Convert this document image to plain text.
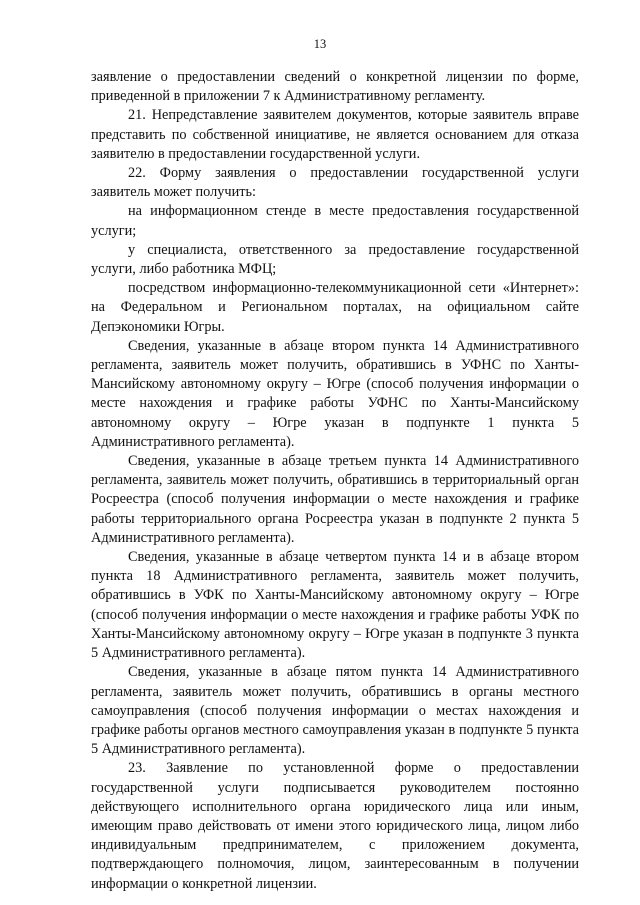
13

заявление о предоставлении сведений о конкретной лицензии по форме, приведенной в приложении 7 к Административному регламенту.

21. Непредставление заявителем документов, которые заявитель вправе представить по собственной инициативе, не является основанием для отказа заявителю в предоставлении государственной услуги.

22. Форму заявления о предоставлении государственной услуги заявитель может получить:

на информационном стенде в месте предоставления государственной услуги;

у специалиста, ответственного за предоставление государственной услуги, либо работника МФЦ;

посредством информационно-телекоммуникационной сети «Интернет»: на Федеральном и Региональном порталах, на официальном сайте Депэкономики Югры.

Сведения, указанные в абзаце втором пункта 14 Административного регламента, заявитель может получить, обратившись в УФНС по Ханты-Мансийскому автономному округу – Югре (способ получения информации о месте нахождения и графике работы УФНС по Ханты-Мансийскому автономному округу – Югре указан в подпункте 1 пункта 5 Административного регламента).

Сведения, указанные в абзаце третьем пункта 14 Административного регламента, заявитель может получить, обратившись в территориальный орган Росреестра (способ получения информации о месте нахождения и графике работы территориального органа Росреестра указан в подпункте 2 пункта 5 Административного регламента).

Сведения, указанные в абзаце четвертом пункта 14 и в абзаце втором пункта 18 Административного регламента, заявитель может получить, обратившись в УФК по Ханты-Мансийскому автономному округу – Югре (способ получения информации о месте нахождения и графике работы УФК по Ханты-Мансийскому автономному округу – Югре указан в подпункте 3 пункта 5 Административного регламента).

Сведения, указанные в абзаце пятом пункта 14 Административного регламента, заявитель может получить, обратившись в органы местного самоуправления (способ получения информации о местах нахождения и графике работы органов местного самоуправления указан в подпункте 5 пункта 5 Административного регламента).

23. Заявление по установленной форме о предоставлении государственной услуги подписывается руководителем постоянно действующего исполнительного органа юридического лица или иным, имеющим право действовать от имени этого юридического лица, лицом либо индивидуальным предпринимателем, с приложением документа, подтверждающего полномочия, лицом, заинтересованным в получении информации о конкретной лицензии.
